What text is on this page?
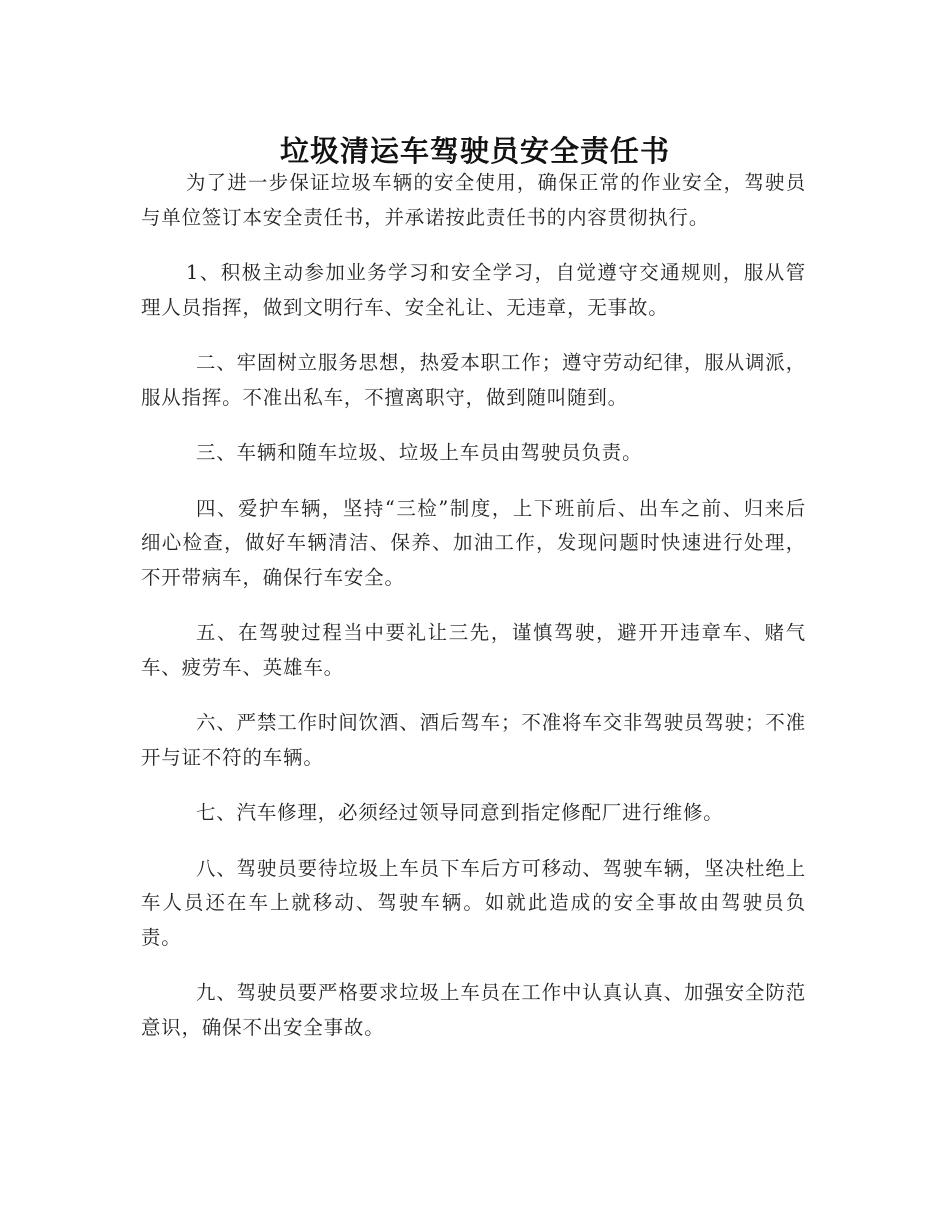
垃圾清运车驾驶员安全责任书

为了进一步保证垃圾车辆的安全使用，确保正常的作业安全，驾驶员与单位签订本安全责任书，并承诺按此责任书的内容贯彻执行。

1、积极主动参加业务学习和安全学习，自觉遵守交通规则，服从管理人员指挥，做到文明行车、安全礼让、无违章，无事故。

二、牢固树立服务思想，热爱本职工作；遵守劳动纪律，服从调派，服从指挥。不准出私车，不擅离职守，做到随叫随到。

三、车辆和随车垃圾、垃圾上车员由驾驶员负责。

四、爱护车辆，坚持“三检”制度，上下班前后、出车之前、归来后细心检查，做好车辆清洁、保养、加油工作，发现问题时快速进行处理，不开带病车，确保行车安全。

五、在驾驶过程当中要礼让三先，谨慎驾驶，避开开违章车、赌气车、疲劳车、英雄车。

六、严禁工作时间饮酒、酒后驾车；不准将车交非驾驶员驾驶；不准开与证不符的车辆。

七、汽车修理，必须经过领导同意到指定修配厂进行维修。

八、驾驶员要待垃圾上车员下车后方可移动、驾驶车辆，坚决杜绝上车人员还在车上就移动、驾驶车辆。如就此造成的安全事故由驾驶员负责。

九、驾驶员要严格要求垃圾上车员在工作中认真认真、加强安全防范意识，确保不出安全事故。
